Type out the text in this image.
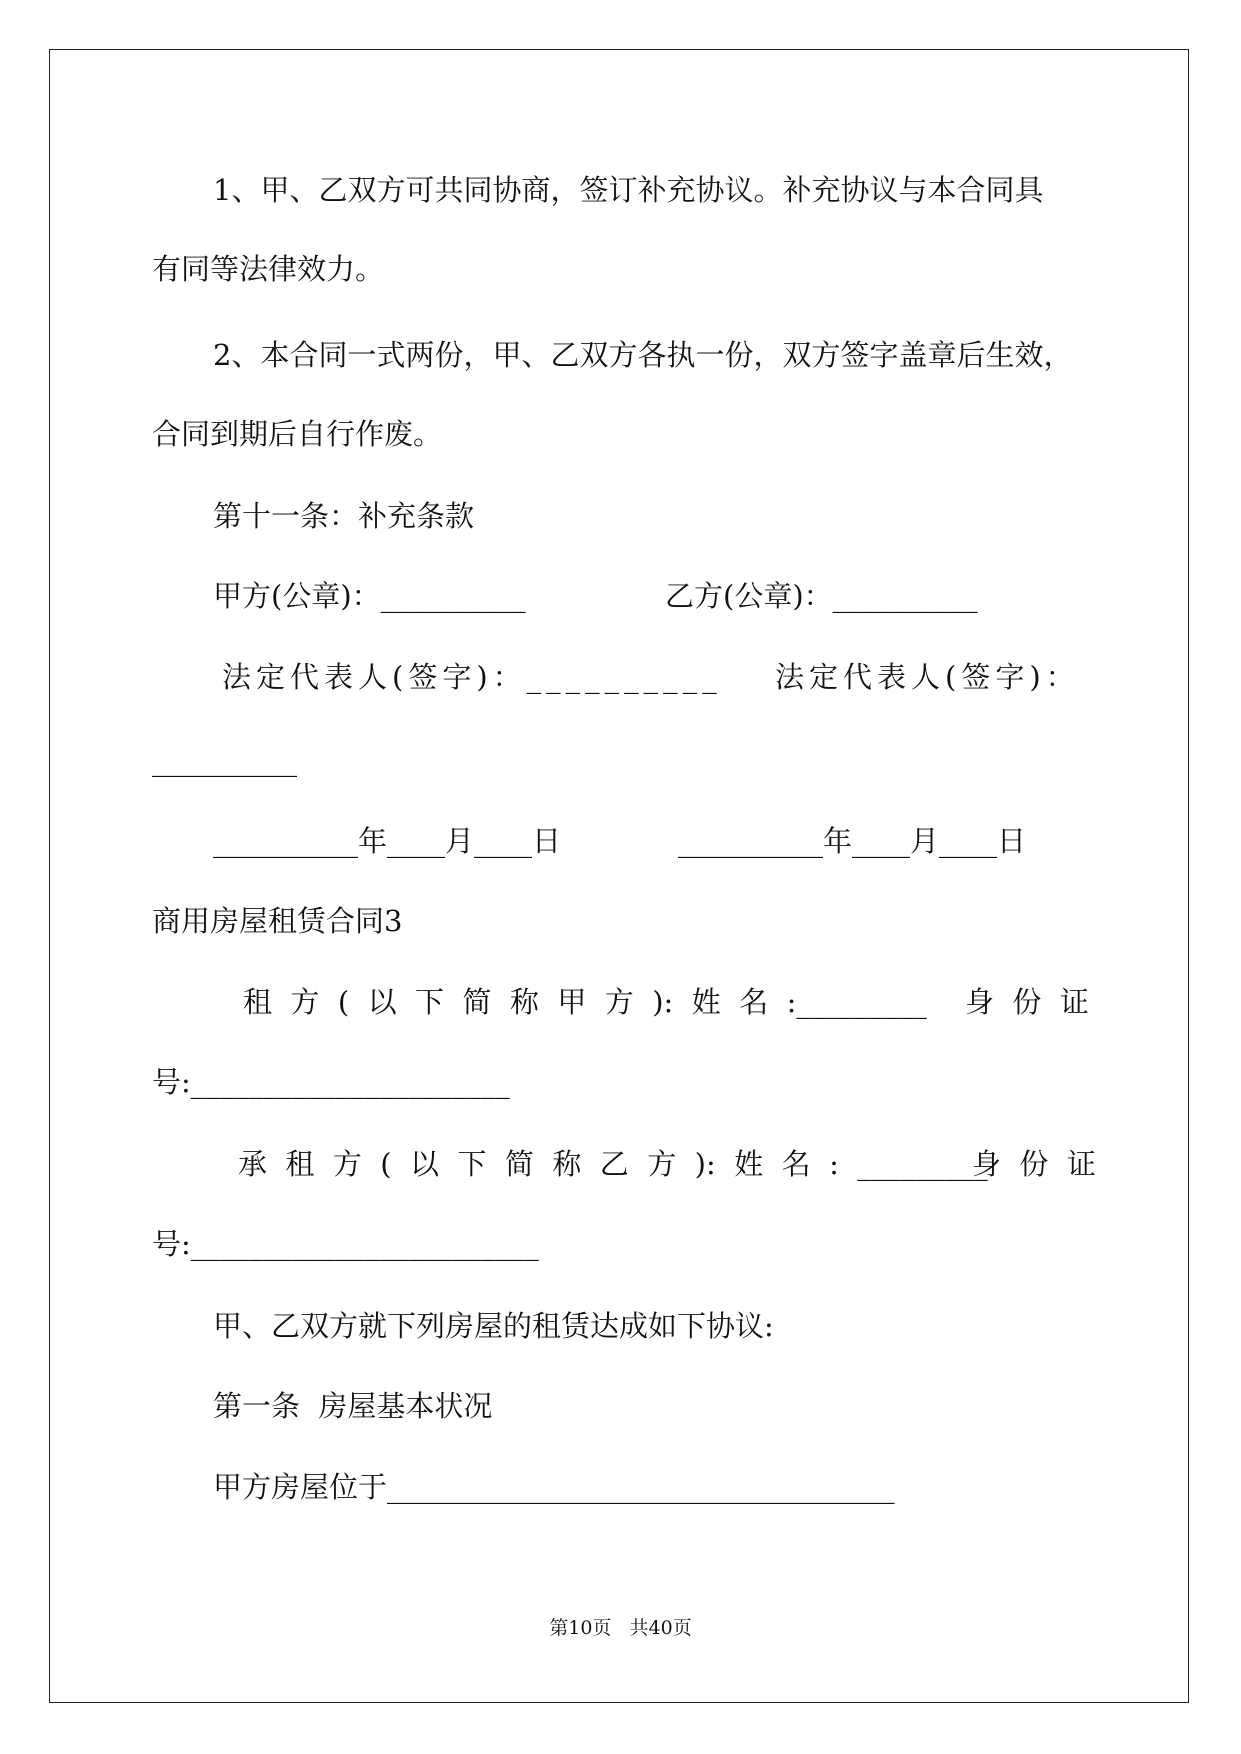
1、甲、乙双方可共同协商，签订补充协议。补充协议与本合同具
有同等法律效力。
2、本合同一式两份，甲、乙双方各执一份，双方签字盖章后生效，
合同到期后自行作废。
第十一条：补充条款
甲方(公章)：__________	乙方(公章)：__________
法定代表人(签字)：__________ 法定代表人(签字)：
__________
__________年____月____日	__________年____月____日
商用房屋租赁合同3
租  方  (  以  下  简  称  甲  方  ):  姓  名  :_________ 身  份  证
号:______________________
承  租  方  (  以  下  简  称  乙  方  ):  姓  名  :  _________
身  份  证
号:________________________
甲、乙双方就下列房屋的租赁达成如下协议:
第一条  房屋基本状况
甲方房屋位于___________________________________
第10页   共40页
